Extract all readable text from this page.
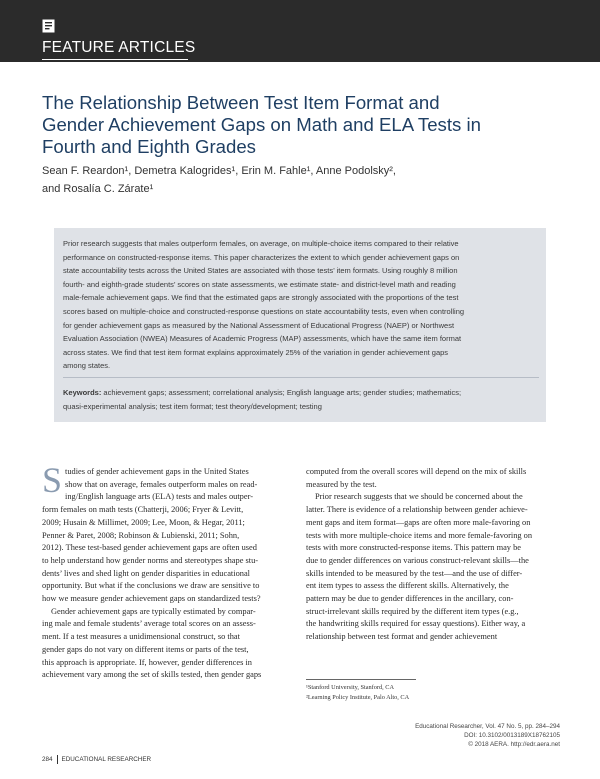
FEATURE ARTICLES
The Relationship Between Test Item Format and
Gender Achievement Gaps on Math and ELA Tests in
Fourth and Eighth Grades
Sean F. Reardon¹, Demetra Kalogrides¹, Erin M. Fahle¹, Anne Podolsky²,
and Rosalía C. Zárate¹
Prior research suggests that males outperform females, on average, on multiple-choice items compared to their relative
performance on constructed-response items. This paper characterizes the extent to which gender achievement gaps on
state accountability tests across the United States are associated with those tests’ item formats. Using roughly 8 million
fourth- and eighth-grade students’ scores on state assessments, we estimate state- and district-level math and reading
male-female achievement gaps. We find that the estimated gaps are strongly associated with the proportions of the test
scores based on multiple-choice and constructed-response questions on state accountability tests, even when controlling
for gender achievement gaps as measured by the National Assessment of Educational Progress (NAEP) or Northwest
Evaluation Association (NWEA) Measures of Academic Progress (MAP) assessments, which have the same item format
across states. We find that test item format explains approximately 25% of the variation in gender achievement gaps
among states.
Keywords: achievement gaps; assessment; correlational analysis; English language arts; gender studies; mathematics;
quasi-experimental analysis; test item format; test theory/development; testing
S tudies of gender achievement gaps in the United States
show that on average, females outperform males on read-
ing/English language arts (ELA) tests and males outper-
form females on math tests (Chatterji, 2006; Fryer & Levitt,
2009; Husain & Millimet, 2009; Lee, Moon, & Hegar, 2011;
Penner & Paret, 2008; Robinson & Lubienski, 2011; Sohn,
2012). These test-based gender achievement gaps are often used
to help understand how gender norms and stereotypes shape stu-
dents’ lives and shed light on gender disparities in educational
opportunity. But what if the conclusions we draw are sensitive to
how we measure gender achievement gaps on standardized tests?
Gender achievement gaps are typically estimated by compar-
ing male and female students’ average total scores on an assess-
ment. If a test measures a unidimensional construct, so that
gender gaps do not vary on different items or parts of the test,
this approach is appropriate. If, however, gender differences in
achievement vary among the set of skills tested, then gender gaps
computed from the overall scores will depend on the mix of skills
measured by the test.
Prior research suggests that we should be concerned about the
latter. There is evidence of a relationship between gender achieve-
ment gaps and item format—gaps are often more male-favoring on
tests with more multiple-choice items and more female-favoring on
tests with more constructed-response items. This pattern may be
due to gender differences on various construct-relevant skills—the
skills intended to be measured by the test—and the use of differ-
ent item types to assess the different skills. Alternatively, the
pattern may be due to gender differences in the ancillary, con-
struct-irrelevant skills required by the different item types (e.g.,
the handwriting skills required for essay questions). Either way, a
relationship between test format and gender achievement
¹Stanford University, Stanford, CA
²Learning Policy Institute, Palo Alto, CA
Educational Researcher, Vol. 47 No. 5, pp. 284–294
DOI: 10.3102/0013189X18762105
© 2018 AERA. http://edr.aera.net
284 EDUCATIONAL RESEARCHER
